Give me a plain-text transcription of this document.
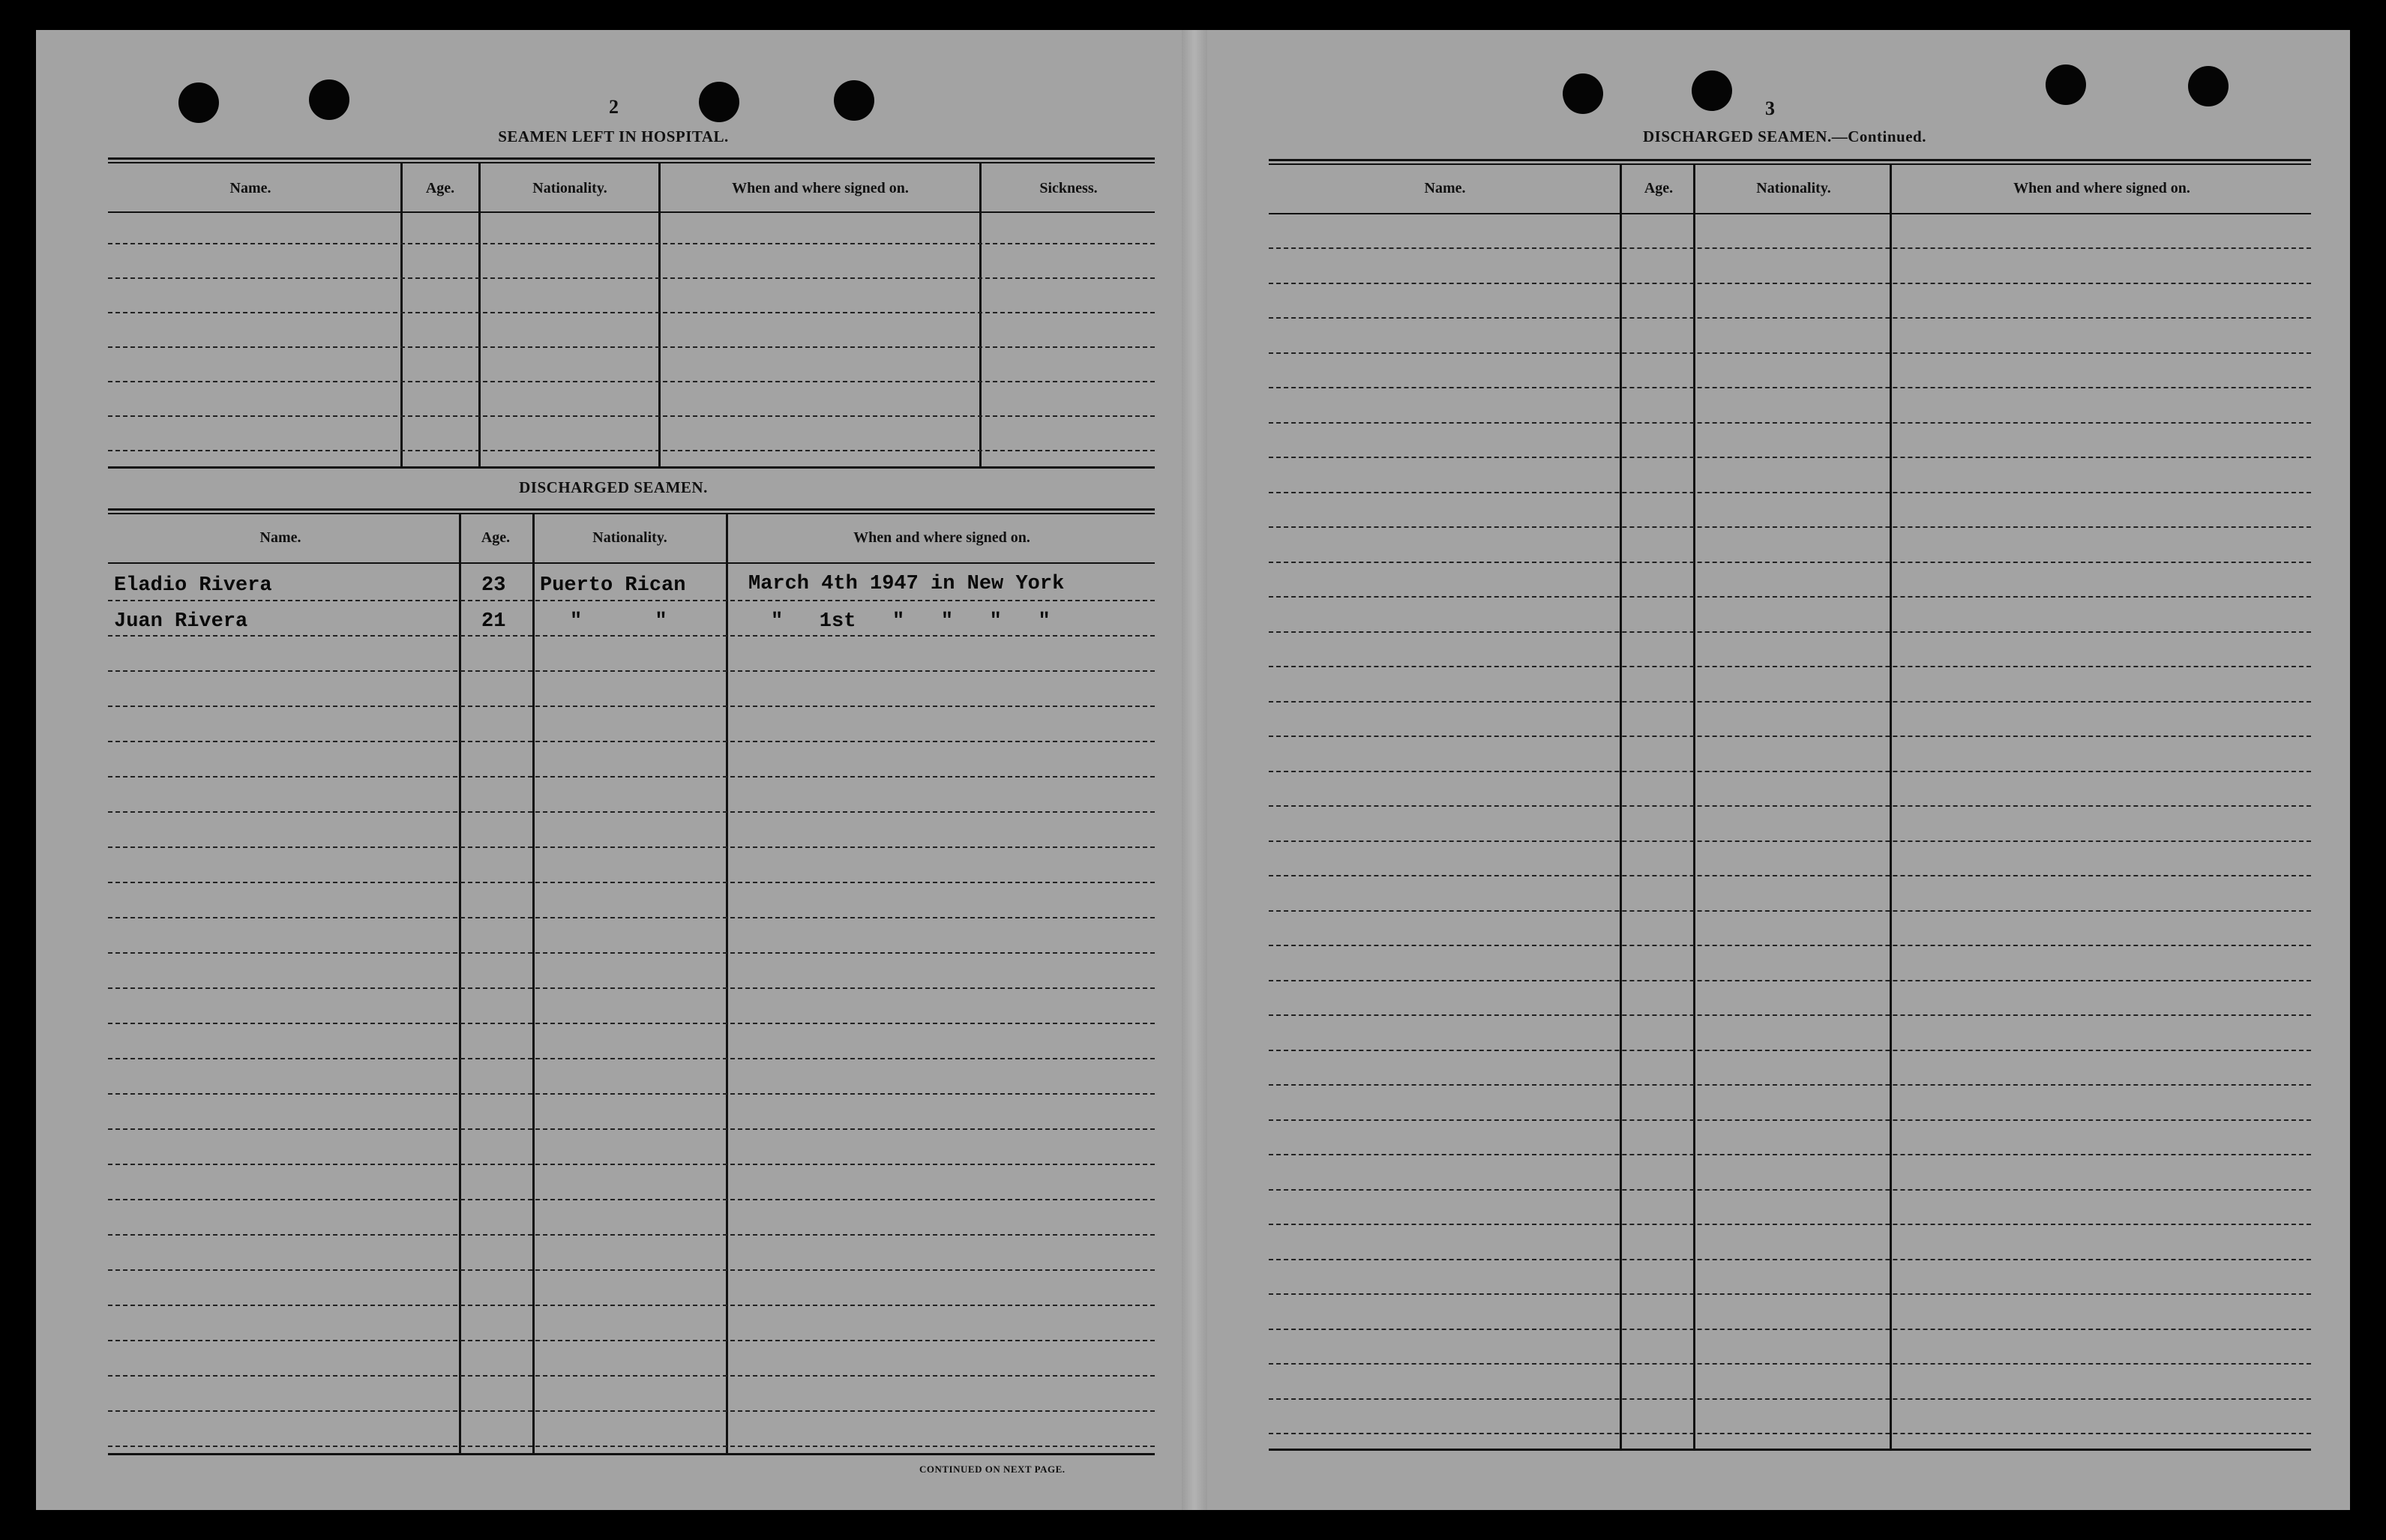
2
SEAMEN LEFT IN HOSPITAL.
Name.	Age.	Nationality.	When and where signed on.	Sickness.
DISCHARGED SEAMEN.
Name.	Age.	Nationality.	When and where signed on.
Eladio Rivera	23 Puerto Rican	March 4th 1947 in New York
Juan Rivera	21	"      "	"   1st   "   "   "   "
CONTINUED ON NEXT PAGE.
3
DISCHARGED SEAMEN.—Continued.
Name.	Age.	Nationality.	When and where signed on.
